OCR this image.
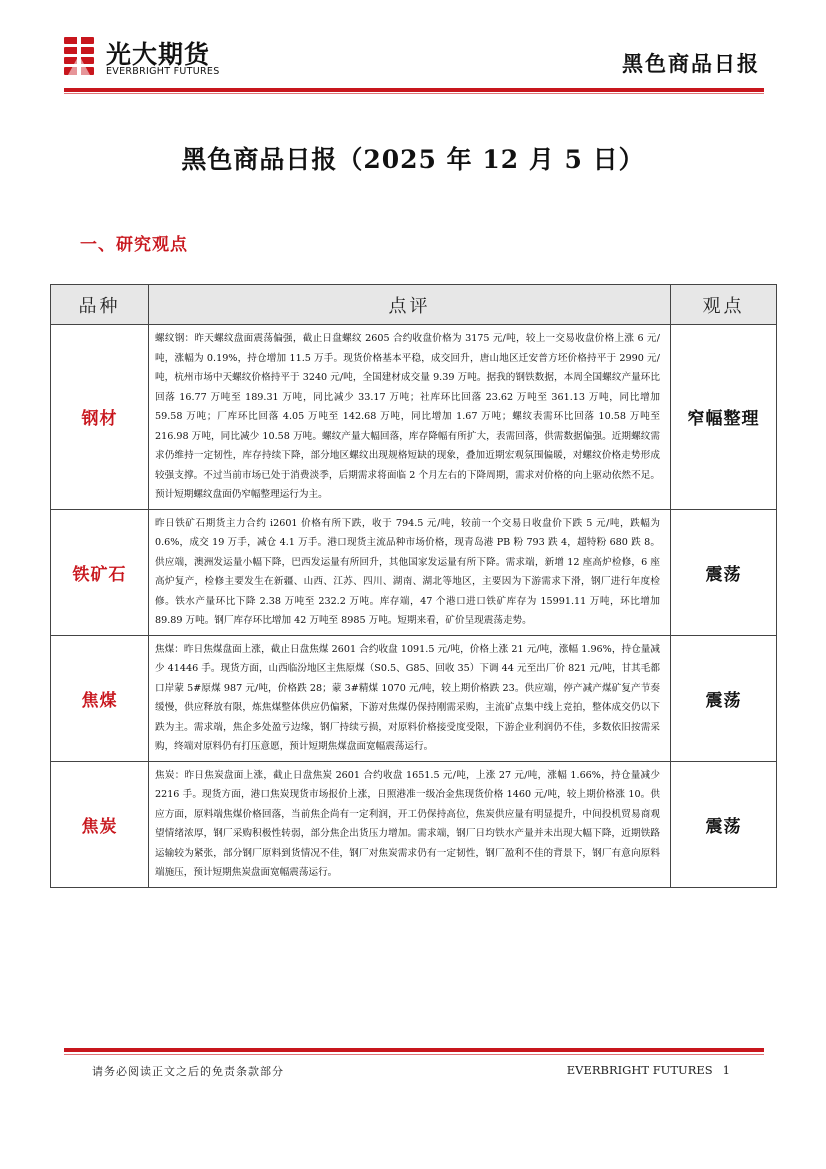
光大期货
EVERBRIGHT FUTURES	黑色商品日报
黑色商品日报（2025 年 12 月 5 日）
一、研究观点
品种	点评	观点
钢材	螺纹钢：昨天螺纹盘面震荡偏强，截止日盘螺纹 2605 合约收盘价格为 3175 元/吨，较上一交易收盘价格上涨 6 元/吨，涨幅为 0.19%，持仓增加 11.5 万手。现货价格基本平稳，成交回升，唐山地区迁安普方坯价格持平于 2990 元/吨，杭州市场中天螺纹价格持平于 3240 元/吨，全国建材成交量 9.39 万吨。据我的钢铁数据，本周全国螺纹产量环比回落 16.77 万吨至 189.31 万吨，同比减少 33.17 万吨；社库环比回落 23.62 万吨至 361.13 万吨，同比增加 59.58 万吨；厂库环比回落 4.05 万吨至 142.68 万吨，同比增加 1.67 万吨；螺纹表需环比回落 10.58 万吨至 216.98 万吨，同比减少 10.58 万吨。螺纹产量大幅回落，库存降幅有所扩大，表需回落，供需数据偏强。近期螺纹需求仍维持一定韧性，库存持续下降，部分地区螺纹出现规格短缺的现象，叠加近期宏观氛围偏暖，对螺纹价格走势形成较强支撑。不过当前市场已处于消费淡季，后期需求将面临 2 个月左右的下降周期，需求对价格的向上驱动依然不足。预计短期螺纹盘面仍窄幅整理运行为主。	窄幅整理
铁矿石	昨日铁矿石期货主力合约 i2601 价格有所下跌，收于 794.5 元/吨，较前一个交易日收盘价下跌 5 元/吨，跌幅为 0.6%，成交 19 万手，减仓 4.1 万手。港口现货主流品种市场价格，现青岛港 PB 粉 793 跌 4，超特粉 680 跌 8。供应端，澳洲发运量小幅下降，巴西发运量有所回升，其他国家发运量有所下降。需求端，新增 12 座高炉检修，6 座高炉复产，检修主要发生在新疆、山西、江苏、四川、湖南、湖北等地区，主要因为下游需求下滑，钢厂进行年度检修。铁水产量环比下降 2.38 万吨至 232.2 万吨。库存端，47 个港口进口铁矿库存为 15991.11 万吨，环比增加 89.89 万吨。钢厂库存环比增加 42 万吨至 8985 万吨。短期来看，矿价呈现震荡走势。	震荡
焦煤	焦煤：昨日焦煤盘面上涨，截止日盘焦煤 2601 合约收盘 1091.5 元/吨，价格上涨 21 元/吨，涨幅 1.96%，持仓量减少 41446 手。现货方面，山西临汾地区主焦原煤（S0.5、G85、回收 35）下调 44 元至出厂价 821 元/吨，甘其毛都口岸蒙 5#原煤 987 元/吨，价格跌 28；蒙 3#精煤 1070 元/吨，较上期价格跌 23。供应端，停产减产煤矿复产节奏缓慢，供应释放有限，炼焦煤整体供应仍偏紧，下游对焦煤仍保持刚需采购，主流矿点集中线上竞拍，整体成交仍以下跌为主。需求端，焦企多处盈亏边缘，钢厂持续亏损，对原料价格接受度受限，下游企业利润仍不佳，多数依旧按需采购，终端对原料仍有打压意愿，预计短期焦煤盘面宽幅震荡运行。	震荡
焦炭	焦炭：昨日焦炭盘面上涨，截止日盘焦炭 2601 合约收盘 1651.5 元/吨，上涨 27 元/吨，涨幅 1.66%，持仓量减少 2216 手。现货方面，港口焦炭现货市场报价上涨，日照港准一级冶金焦现货价格 1460 元/吨，较上期价格涨 10。供应方面，原料端焦煤价格回落，当前焦企尚有一定利润，开工仍保持高位，焦炭供应量有明显提升，中间投机贸易商观望情绪浓厚，钢厂采购积极性转弱，部分焦企出货压力增加。需求端，钢厂日均铁水产量并未出现大幅下降，近期铁路运输较为紧张，部分钢厂原料到货情况不佳，钢厂对焦炭需求仍有一定韧性，钢厂盈利不佳的背景下，钢厂有意向原料端施压，预计短期焦炭盘面宽幅震荡运行。	震荡
请务必阅读正文之后的免责条款部分	EVERBRIGHT FUTURES 1
